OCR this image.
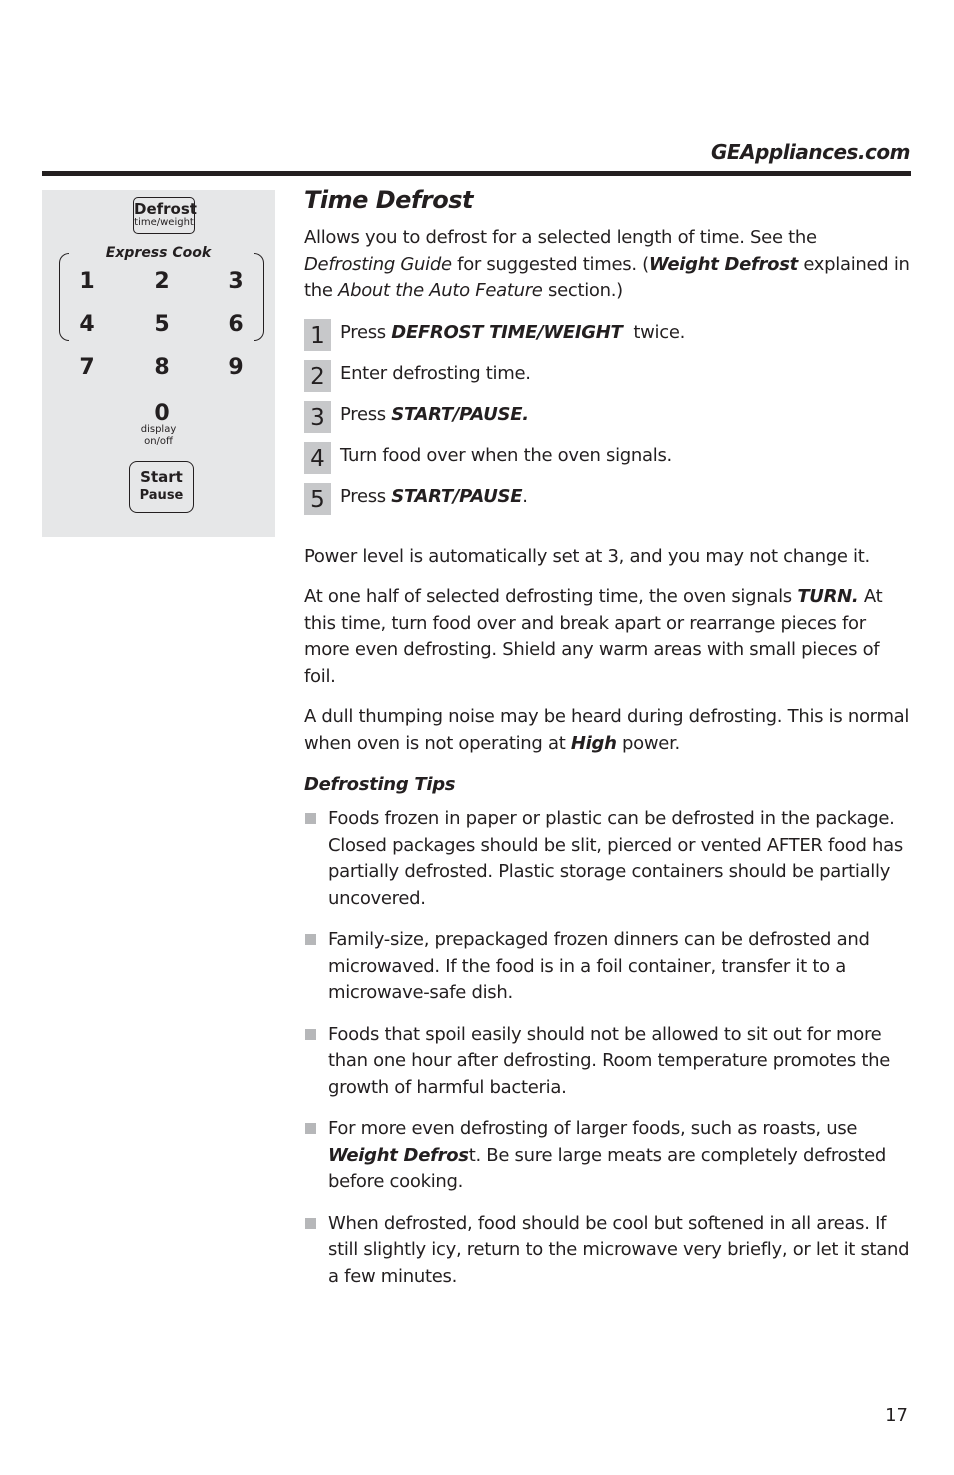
GEAppliances.com
Defrost
time/weight
Express Cook
1	2	3
4	5	6
7	8	9
0
display
on/off
Start
Pause
Time Defrost

Allows you to defrost for a selected length of time. See the Defrosting Guide for suggested times. (Weight Defrost explained in the About the Auto Feature section.)

1 Press DEFROST TIME/WEIGHT  twice.
2 Enter defrosting time.
3 Press START/PAUSE.
4 Turn food over when the oven signals.
5 Press START/PAUSE.

Power level is automatically set at 3, and you may not change it.

At one half of selected defrosting time, the oven signals TURN. At this time, turn food over and break apart or rearrange pieces for more even defrosting. Shield any warm areas with small pieces of foil.

A dull thumping noise may be heard during defrosting. This is normal when oven is not operating at High power.

Defrosting Tips

Foods frozen in paper or plastic can be defrosted in the package. Closed packages should be slit, pierced or vented AFTER food has partially defrosted. Plastic storage containers should be partially uncovered.

Family-size, prepackaged frozen dinners can be defrosted and microwaved. If the food is in a foil container, transfer it to a microwave-safe dish.

Foods that spoil easily should not be allowed to sit out for more than one hour after defrosting. Room temperature promotes the growth of harmful bacteria.

For more even defrosting of larger foods, such as roasts, use Weight Defrost. Be sure large meats are completely defrosted before cooking.

When defrosted, food should be cool but softened in all areas. If still slightly icy, return to the microwave very briefly, or let it stand a few minutes.

17
